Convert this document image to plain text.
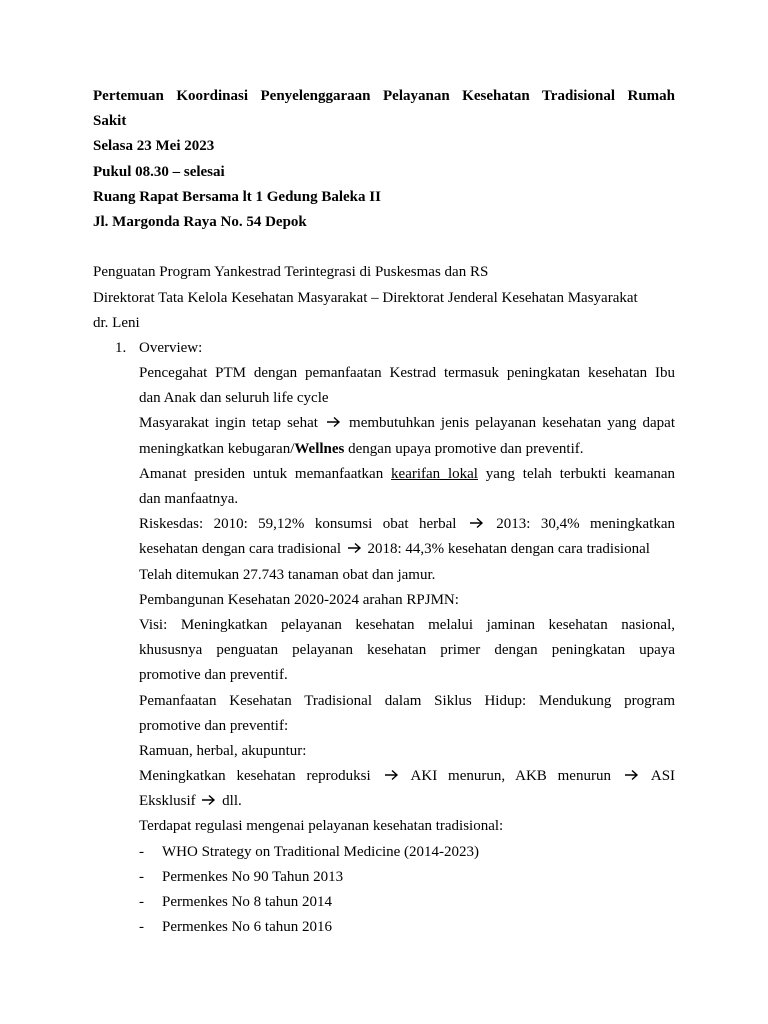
Pertemuan Koordinasi Penyelenggaraan Pelayanan Kesehatan Tradisional Rumah
Sakit
Selasa 23 Mei 2023
Pukul 08.30 – selesai
Ruang Rapat Bersama lt 1 Gedung Baleka II
Jl. Margonda Raya No. 54 Depok
Penguatan Program Yankestrad Terintegrasi di Puskesmas dan RS
Direktorat Tata Kelola Kesehatan Masyarakat – Direktorat Jenderal Kesehatan Masyarakat
dr. Leni
1. Overview:
Pencegahat PTM dengan pemanfaatan Kestrad termasuk peningkatan kesehatan Ibu
dan Anak dan seluruh life cycle
Masyarakat ingin tetap sehat membutuhkan jenis pelayanan kesehatan yang dapat
meningkatkan kebugaran/Wellnes dengan upaya promotive dan preventif.
Amanat presiden untuk memanfaatkan kearifan lokal yang telah terbukti keamanan
dan manfaatnya.
Riskesdas: 2010: 59,12% konsumsi obat herbal	2013: 30,4% meningkatkan
kesehatan dengan cara tradisional 2018: 44,3% kesehatan dengan cara tradisional
Telah ditemukan 27.743 tanaman obat dan jamur.
Pembangunan Kesehatan 2020-2024 arahan RPJMN:
Visi: Meningkatkan pelayanan kesehatan melalui jaminan kesehatan nasional,
khususnya penguatan pelayanan kesehatan primer dengan peningkatan upaya
promotive dan preventif.
Pemanfaatan Kesehatan Tradisional dalam Siklus Hidup: Mendukung program
promotive dan preventif:
Ramuan, herbal, akupuntur:
Meningkatkan kesehatan reproduksi	AKI menurun, AKB menurun	ASI
Eksklusif dll.
Terdapat regulasi mengenai pelayanan kesehatan tradisional:
- WHO Strategy on Traditional Medicine (2014-2023)
- Permenkes No 90 Tahun 2013
- Permenkes No 8 tahun 2014
- Permenkes No 6 tahun 2016
